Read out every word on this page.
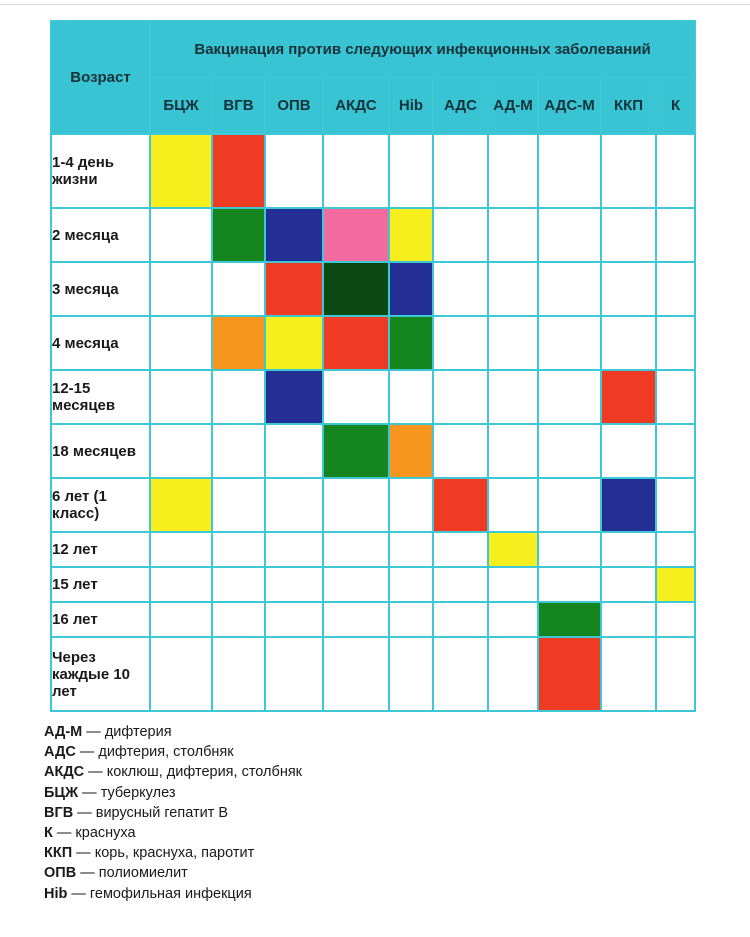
Возраст	Вакцинация против следующих инфекционных заболеваний									
	БЦЖ	ВГВ	ОПВ	АКДС	Hib	АДС	АД-М	АДС-М	ККП	К
1-4 день жизни										
2 месяца										
3 месяца										
4 месяца										
12-15 месяцев										
18 месяцев										
6 лет (1 класс)										
12 лет										
15 лет										
16 лет										
Через каждые 10 лет										
АД-М — дифтерия
АДС — дифтерия, столбняк
АКДС — коклюш, дифтерия, столбняк
БЦЖ — туберкулез
ВГВ — вирусный гепатит В
К — краснуха
ККП — корь, краснуха, паротит
ОПВ — полиомиелит
Hib — гемофильная инфекция
